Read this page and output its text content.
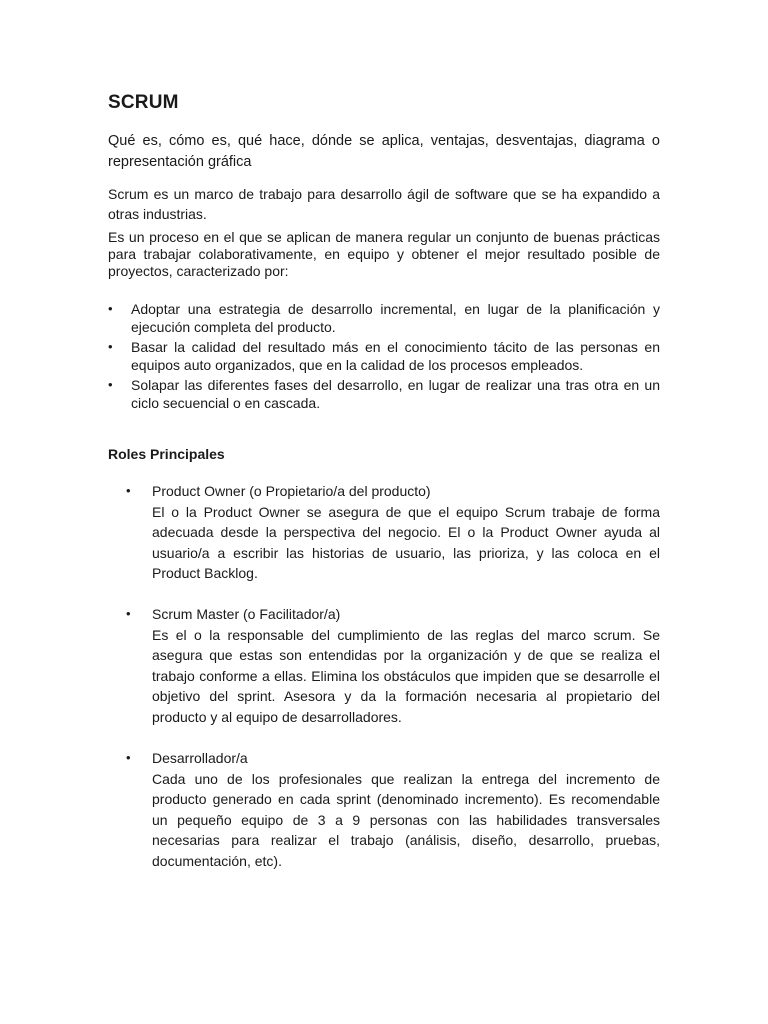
SCRUM
Qué es, cómo es, qué hace, dónde se aplica, ventajas, desventajas, diagrama o representación gráfica
Scrum es un marco de trabajo para desarrollo ágil de software que se ha expandido a otras industrias.
Es un proceso en el que se aplican de manera regular un conjunto de buenas prácticas para trabajar colaborativamente, en equipo y obtener el mejor resultado posible de proyectos, caracterizado por:
• Adoptar una estrategia de desarrollo incremental, en lugar de la planificación y ejecución completa del producto.
• Basar la calidad del resultado más en el conocimiento tácito de las personas en equipos auto organizados, que en la calidad de los procesos empleados.
• Solapar las diferentes fases del desarrollo, en lugar de realizar una tras otra en un ciclo secuencial o en cascada.
Roles Principales
• Product Owner (o Propietario/a del producto)
El o la Product Owner se asegura de que el equipo Scrum trabaje de forma adecuada desde la perspectiva del negocio. El o la Product Owner ayuda al usuario/a a escribir las historias de usuario, las prioriza, y las coloca en el Product Backlog.
• Scrum Master (o Facilitador/a)
Es el o la responsable del cumplimiento de las reglas del marco scrum. Se asegura que estas son entendidas por la organización y de que se realiza el trabajo conforme a ellas. Elimina los obstáculos que impiden que se desarrolle el objetivo del sprint. Asesora y da la formación necesaria al propietario del producto y al equipo de desarrolladores.
• Desarrollador/a
Cada uno de los profesionales que realizan la entrega del incremento de producto generado en cada sprint (denominado incremento). Es recomendable un pequeño equipo de 3 a 9 personas con las habilidades transversales necesarias para realizar el trabajo (análisis, diseño, desarrollo, pruebas, documentación, etc).
